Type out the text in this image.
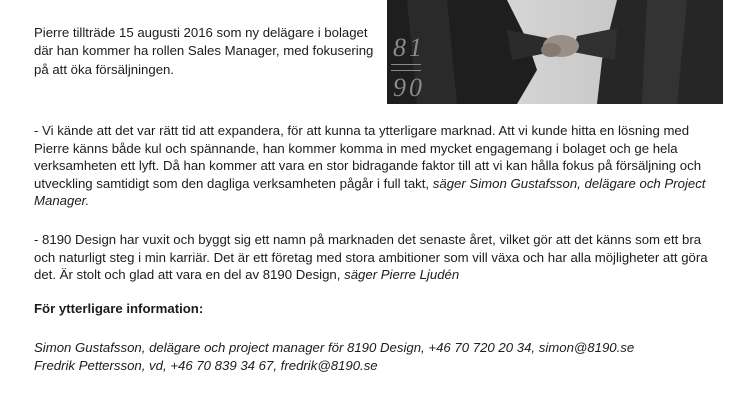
Pierre tillträde 15 augusti 2016 som ny delägare i bolaget där han kommer ha rollen Sales Manager, med fokusering på att öka försäljningen.

8 1
9 0

- Vi kände att det var rätt tid att expandera, för att kunna ta ytterligare marknad. Att vi kunde hitta en lösning med Pierre känns både kul och spännande, han kommer komma in med mycket engagemang i bolaget och ge hela verksamheten ett lyft. Då han kommer att vara en stor bidragande faktor till att vi kan hålla fokus på försäljning och utveckling samtidigt som den dagliga verksamheten pågår i full takt, säger Simon Gustafsson, delägare och Project Manager.

- 8190 Design har vuxit och byggt sig ett namn på marknaden det senaste året, vilket gör att det känns som ett bra och naturligt steg i min karriär. Det är ett företag med stora ambitioner som vill växa och har alla möjligheter att göra det. Är stolt och glad att vara en del av 8190 Design, säger Pierre Ljudén

För ytterligare information:

Simon Gustafsson, delägare och project manager för 8190 Design, +46 70 720 20 34, simon@8190.se
Fredrik Pettersson, vd, +46 70 839 34 67, fredrik@8190.se
